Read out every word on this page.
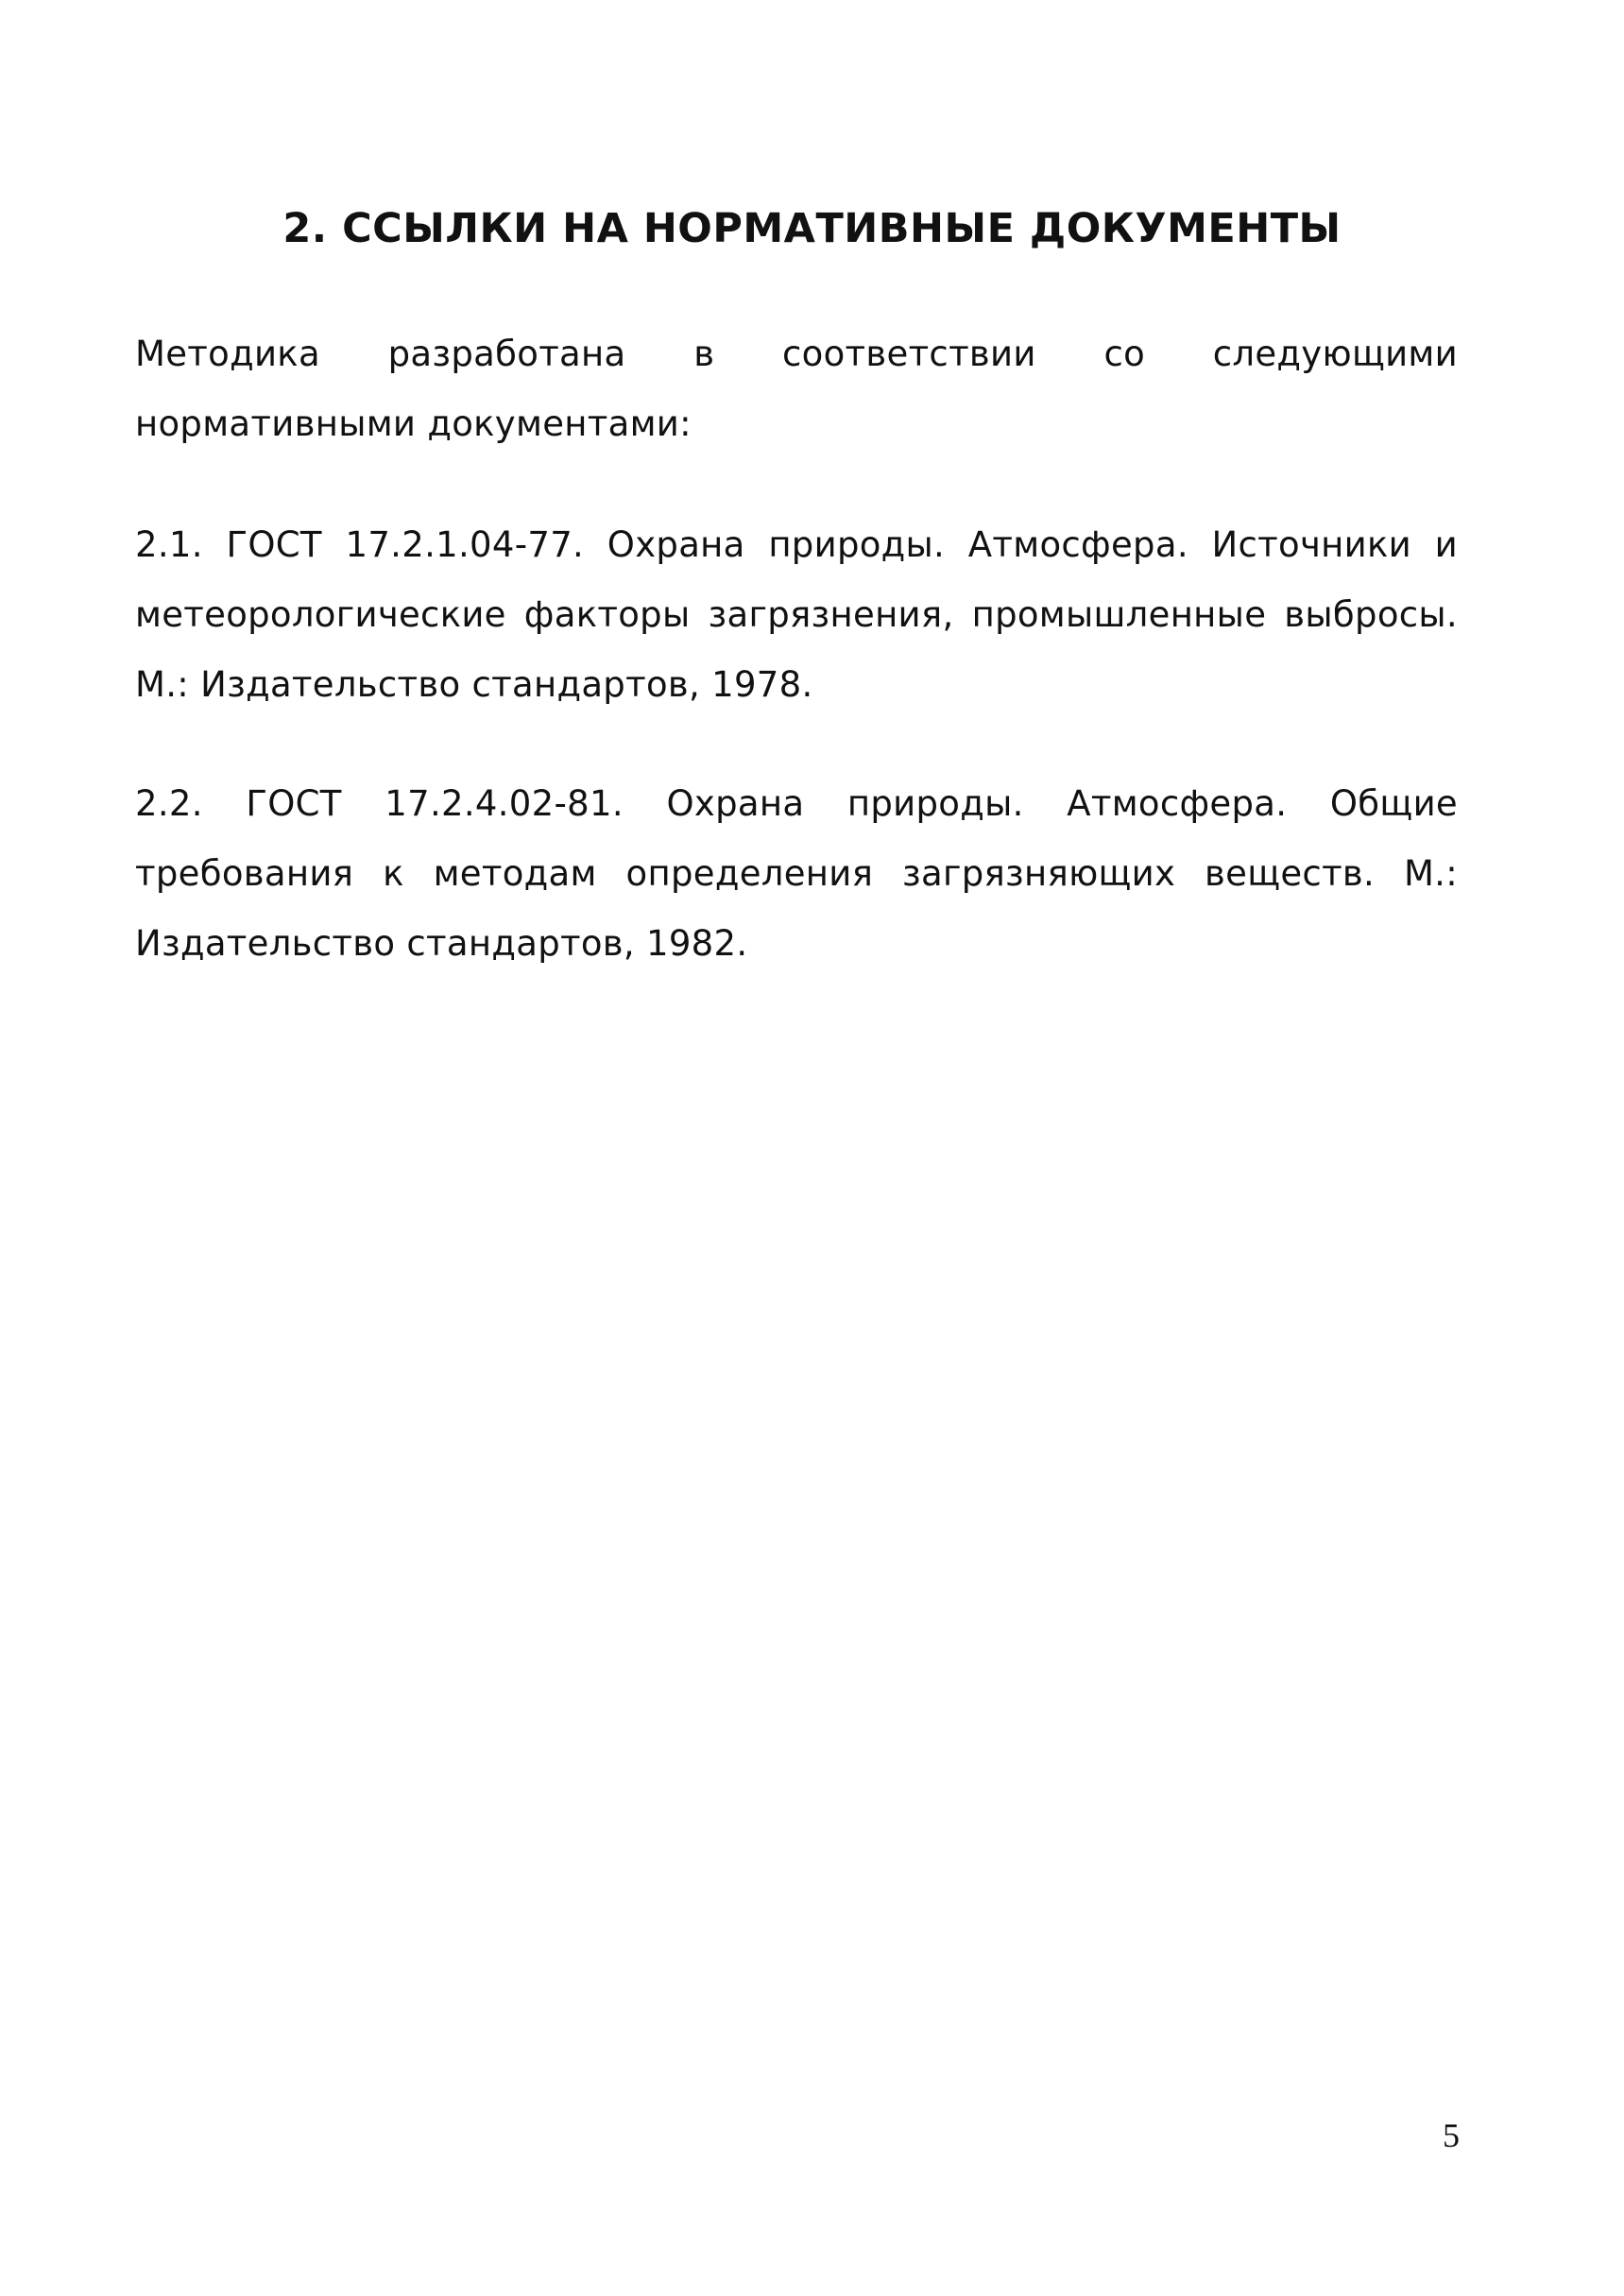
2. ССЫЛКИ НА НОРМАТИВНЫЕ ДОКУМЕНТЫ

Методика разработана в соответствии со следующими нормативными документами:

2.1. ГОСТ 17.2.1.04-77. Охрана природы. Атмосфера. Источники и метеорологические факторы загрязнения, промышленные выбросы. М.: Издательство стандартов, 1978.

2.2. ГОСТ 17.2.4.02-81. Охрана природы. Атмосфера. Общие требования к методам определения загрязняющих веществ. М.: Издательство стандартов, 1982.

5
